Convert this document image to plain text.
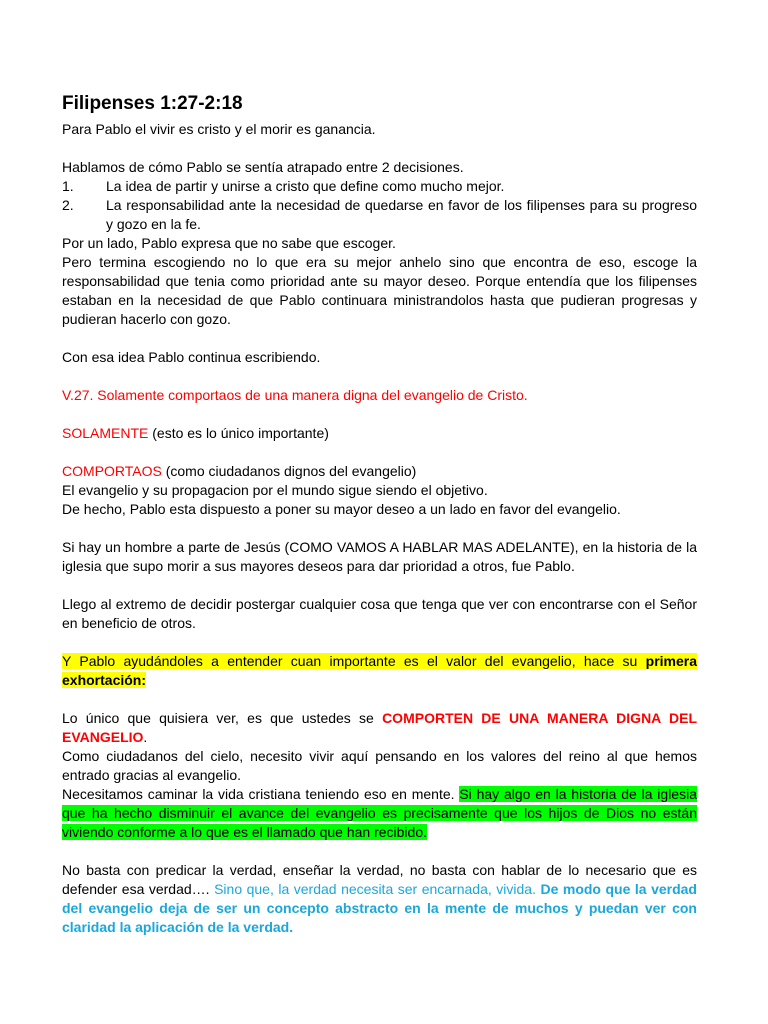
Filipenses 1:27-2:18

Para Pablo el vivir es cristo y el morir es ganancia.

Hablamos de cómo Pablo se sentía atrapado entre 2 decisiones.

1.	La idea de partir y unirse a cristo que define como mucho mejor.

2.	La responsabilidad ante la necesidad de quedarse en favor de los filipenses para su progreso y gozo en la fe.

Por un lado, Pablo expresa que no sabe que escoger.

Pero termina escogiendo no lo que era su mejor anhelo sino que encontra de eso, escoge la responsabilidad que tenia como prioridad ante su mayor deseo. Porque entendía que los filipenses estaban en la necesidad de que Pablo continuara ministrandolos hasta que pudieran progresas y pudieran hacerlo con gozo.

Con esa idea Pablo continua escribiendo.

V.27. Solamente comportaos de una manera digna del evangelio de Cristo.

SOLAMENTE (esto es lo único importante)

COMPORTAOS (como ciudadanos dignos del evangelio)

El evangelio y su propagacion por el mundo sigue siendo el objetivo.

De hecho, Pablo esta dispuesto a poner su mayor deseo a un lado en favor del evangelio.

Si hay un hombre a parte de Jesús (COMO VAMOS A HABLAR MAS ADELANTE), en la historia de la iglesia que supo morir a sus mayores deseos para dar prioridad a otros, fue Pablo.

Llego al extremo de decidir postergar cualquier cosa que tenga que ver con encontrarse con el Señor en beneficio de otros.

Y Pablo ayudándoles a entender cuan importante es el valor del evangelio, hace su primera exhortación:

Lo único que quisiera ver, es que ustedes se COMPORTEN DE UNA MANERA DIGNA DEL EVANGELIO.

Como ciudadanos del cielo, necesito vivir aquí pensando en los valores del reino al que hemos entrado gracias al evangelio.

Necesitamos caminar la vida cristiana teniendo eso en mente. Si hay algo en la historia de la iglesia que ha hecho disminuir el avance del evangelio es precisamente que los hijos de Dios no están viviendo conforme a lo que es el llamado que han recibido.

No basta con predicar la verdad, enseñar la verdad, no basta con hablar de lo necesario que es defender esa verdad…. Sino que, la verdad necesita ser encarnada, vivida. De modo que la verdad del evangelio deja de ser un concepto abstracto en la mente de muchos y puedan ver con claridad la aplicación de la verdad.
